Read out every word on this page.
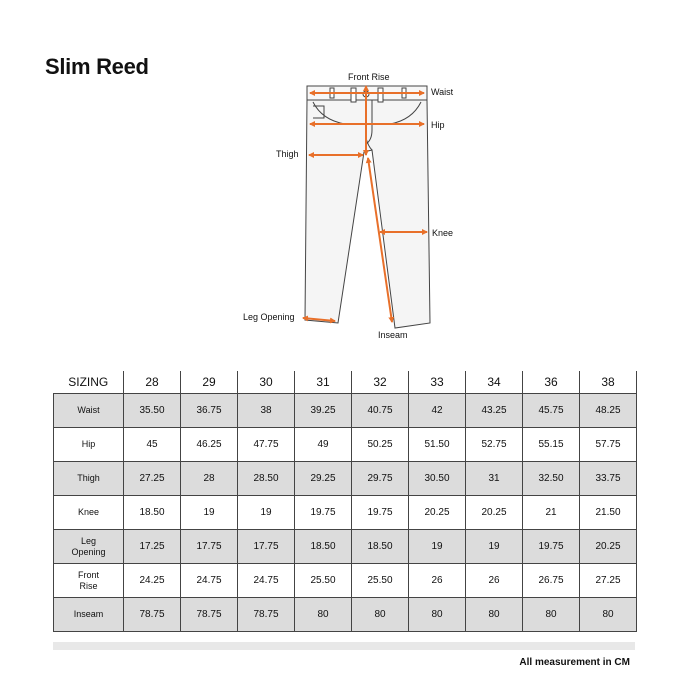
Slim Reed	Front Rise
Waist
Hip
Thigh
Knee
Leg Opening
Inseam
SIZING	28	29	30	31	32	33	34	36	38
Waist	35.50	36.75	38	39.25	40.75	42	43.25	45.75	48.25
Hip	45	46.25	47.75	49	50.25	51.50	52.75	55.15	57.75
Thigh	27.25	28	28.50	29.25	29.75	30.50	31	32.50	33.75
Knee	18.50	19	19	19.75	19.75	20.25	20.25	21	21.50
Leg
Opening	17.25	17.75	17.75	18.50	18.50	19	19	19.75	20.25
Front
Rise	24.25	24.75	24.75	25.50	25.50	26	26	26.75	27.25
Inseam	78.75	78.75	78.75	80	80	80	80	80	80
All measurement in CM
